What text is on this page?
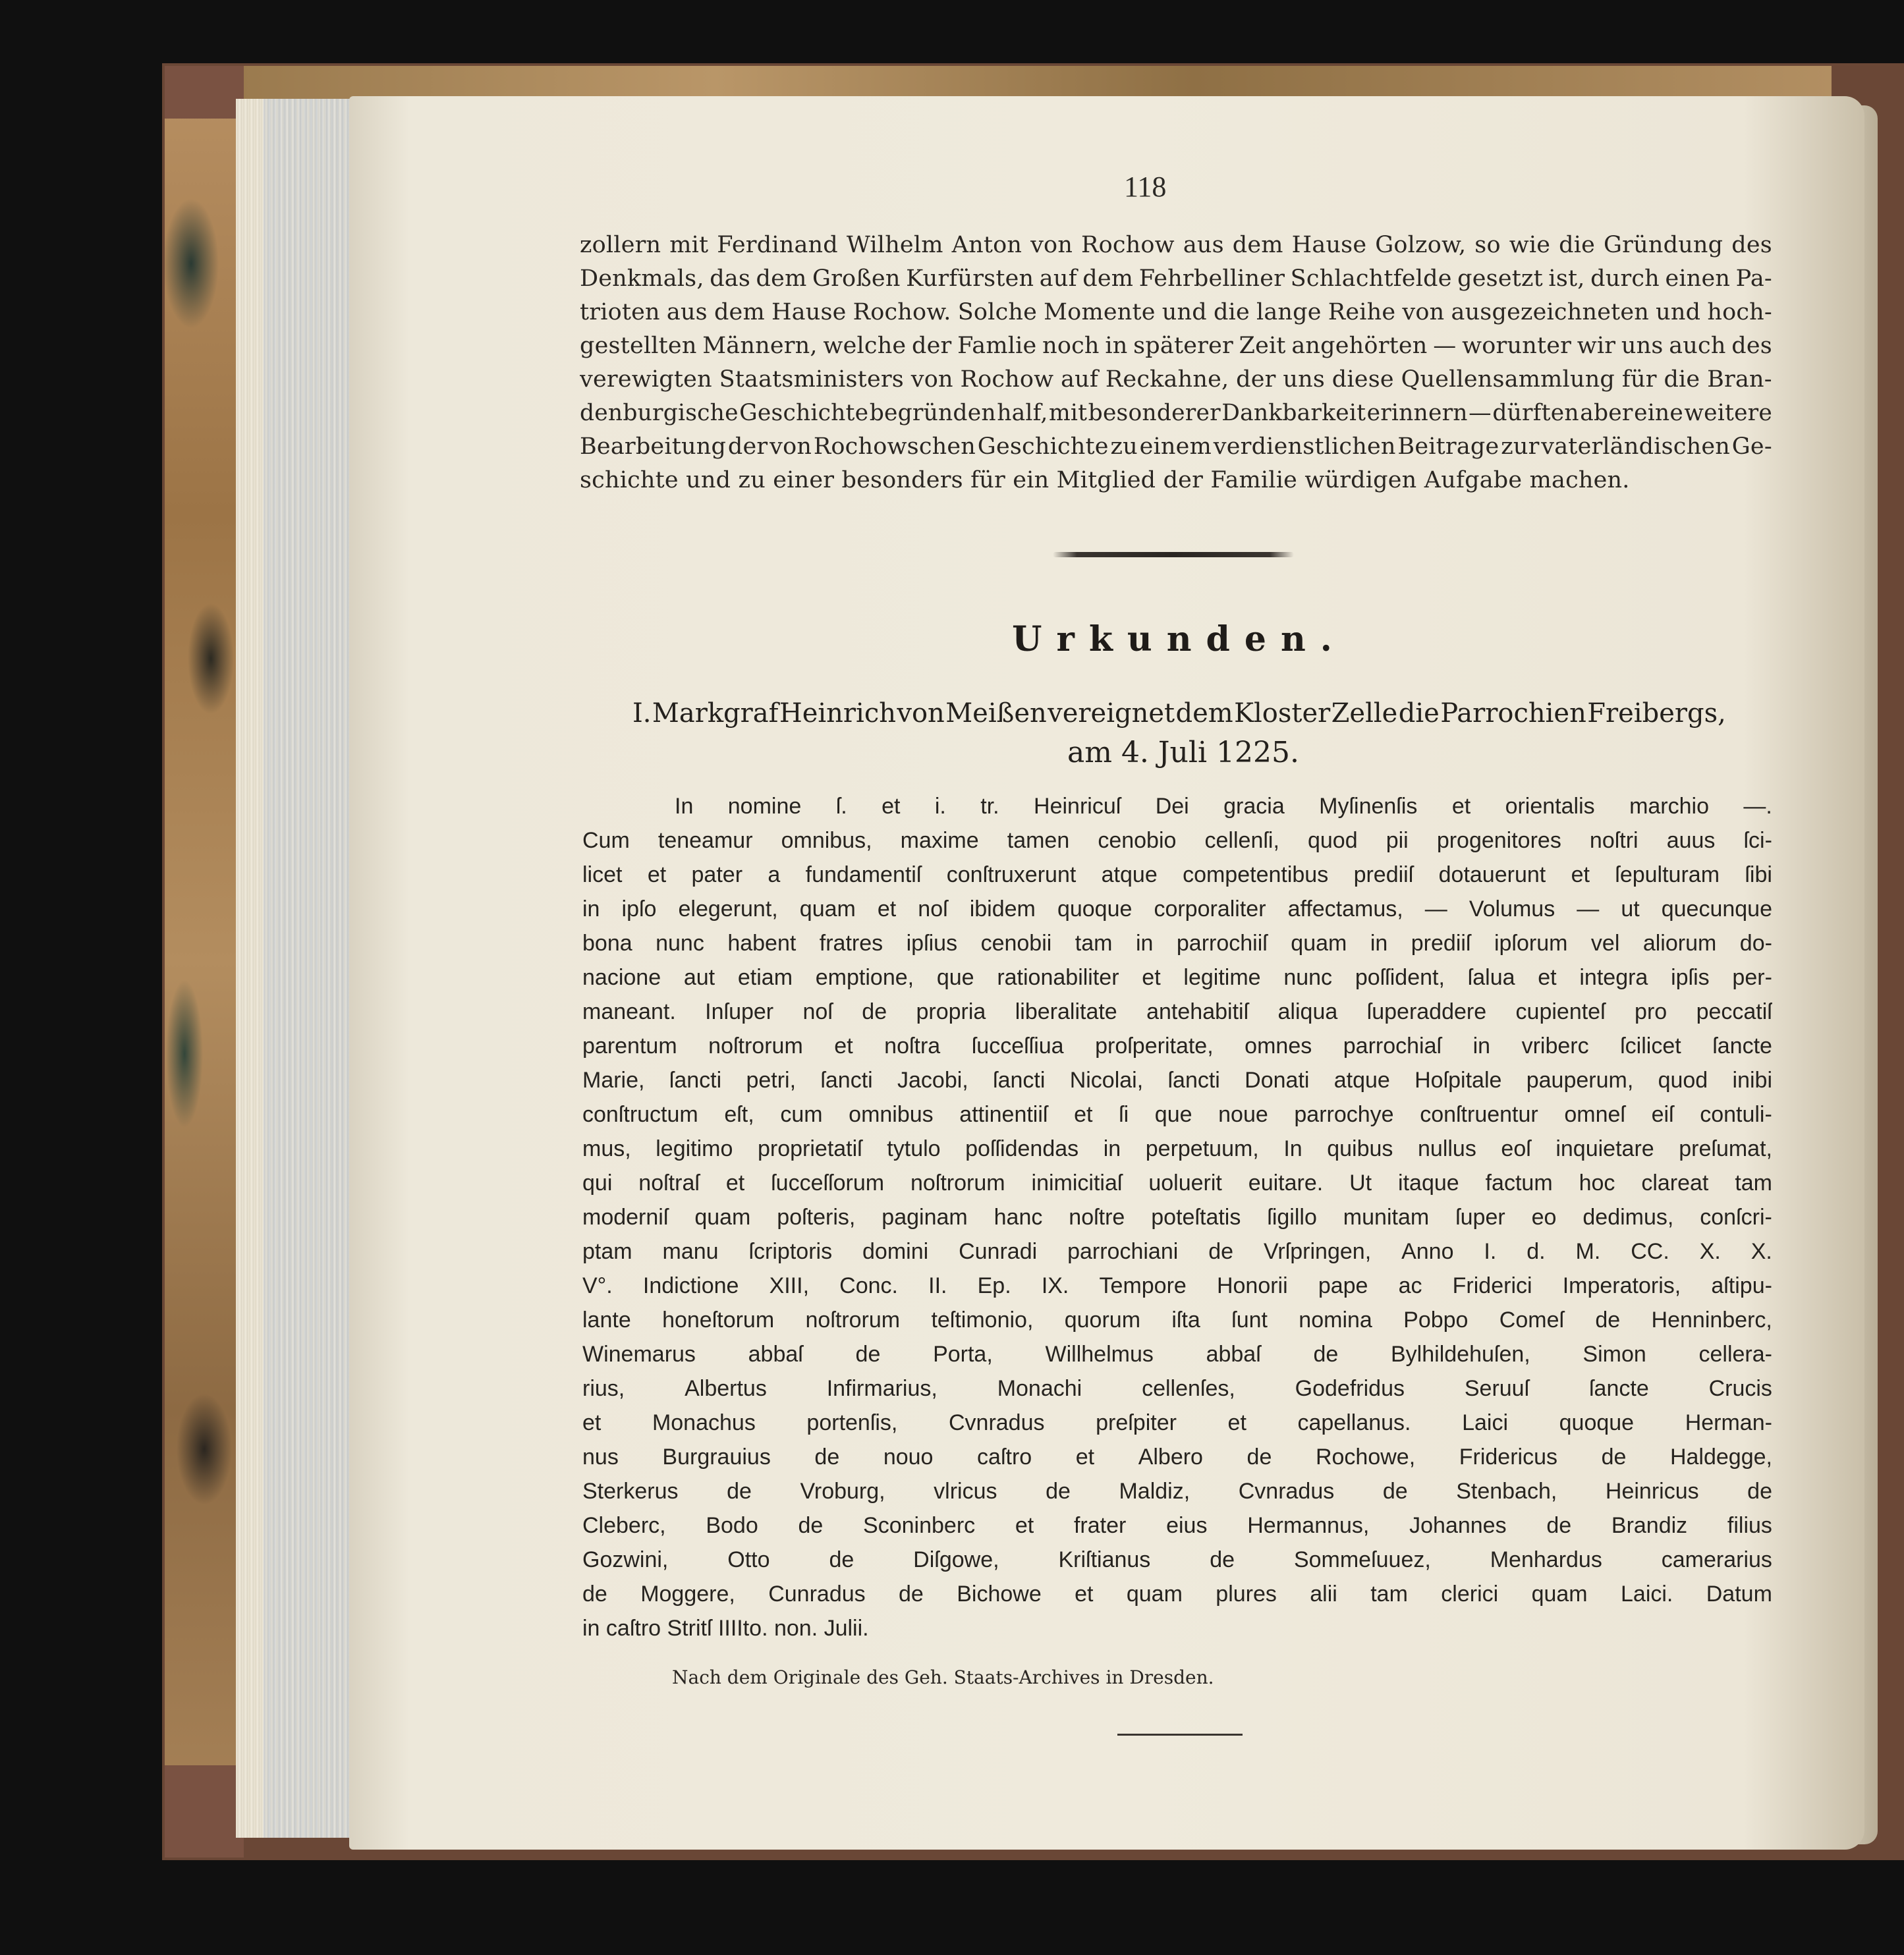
118
zollern mit Ferdinand Wilhelm Anton von Rochow aus dem Hause Golzow, so wie die Gründung des
Denkmals, das dem Großen Kurfürsten auf dem Fehrbelliner Schlachtfelde gesetzt ist, durch einen Pa-
trioten aus dem Hause Rochow. Solche Momente und die lange Reihe von ausgezeichneten und hoch-
gestellten Männern, welche der Famlie noch in späterer Zeit angehörten — worunter wir uns auch des
verewigten Staatsministers von Rochow auf Reckahne, der uns diese Quellensammlung für die Bran-
denburgische Geschichte begründen half, mit besonderer Dankbarkeit erinnern — dürften aber eine weitere
Bearbeitung der von Rochowschen Geschichte zu einem verdienstlichen Beitrage zur vaterländischen Ge-
schichte und zu einer besonders für ein Mitglied der Familie würdigen Aufgabe machen.
Urkunden.
I. Markgraf Heinrich von Meißen vereignet dem Kloster Zelle die Parrochien Freibergs,
am 4. Juli 1225.
In nomine ſ. et i. tr. Heinricuſ Dei gracia Myſinenſis et orientalis marchio —.
Cum teneamur omnibus, maxime tamen cenobio cellenſi, quod pii progenitores noſtri auus ſci-
licet et pater a fundamentiſ conſtruxerunt atque competentibus prediiſ dotauerunt et ſepulturam ſibi
in ipſo elegerunt, quam et noſ ibidem quoque corporaliter affectamus, — Volumus — ut quecunque
bona nunc habent fratres ipſius cenobii tam in parrochiiſ quam in prediiſ ipſorum vel aliorum do-
nacione aut etiam emptione, que rationabiliter et legitime nunc poſſident, ſalua et integra ipſis per-
maneant. Inſuper noſ de propria liberalitate antehabitiſ aliqua ſuperaddere cupienteſ pro peccatiſ
parentum noſtrorum et noſtra ſucceſſiua proſperitate, omnes parrochiaſ in vriberc ſcilicet ſancte
Marie, ſancti petri, ſancti Jacobi, ſancti Nicolai, ſancti Donati atque Hoſpitale pauperum, quod inibi
conſtructum eſt, cum omnibus attinentiiſ et ſi que noue parrochye conſtruentur omneſ eiſ contuli-
mus, legitimo proprietatiſ tytulo poſſidendas in perpetuum, In quibus nullus eoſ inquietare preſumat,
qui noſtraſ et ſucceſſorum noſtrorum inimicitiaſ uoluerit euitare. Ut itaque factum hoc clareat tam
moderniſ quam poſteris, paginam hanc noſtre poteſtatis ſigillo munitam ſuper eo dedimus, conſcri-
ptam manu ſcriptoris domini Cunradi parrochiani de Vrſpringen, Anno I. d. M. CC. X. X.
V°. Indictione XIII, Conc. II. Ep. IX. Tempore Honorii pape ac Friderici Imperatoris, aſtipu-
lante honeſtorum noſtrorum teſtimonio, quorum iſta ſunt nomina Pobpo Comeſ de Henninberc,
Winemarus abbaſ de Porta, Willhelmus abbaſ de Bylhildehuſen, Simon cellera-
rius,	Albertus	Infirmarius,	Monachi	cellenſes,	Godefridus	Seruuſ	ſancte	Crucis
et Monachus portenſis, Cvnradus preſpiter et capellanus. Laici quoque Herman-
nus Burgrauius de nouo caſtro et Albero de Rochowe, Fridericus de Haldegge,
Sterkerus de Vroburg, vlricus de Maldiz, Cvnradus de Stenbach, Heinricus de
Cleberc, Bodo de Sconinberc et frater eius Hermannus, Johannes de Brandiz filius
Gozwini,	Otto	de	Diſgowe,	Kriſtianus	de	Sommeſuuez,	Menhardus	camerarius
de Moggere, Cunradus de Bichowe et quam plures alii tam clerici quam Laici. Datum
in caſtro Stritſ IIIIto. non. Julii.
Nach dem Originale des Geh. Staats-Archives in Dresden.
